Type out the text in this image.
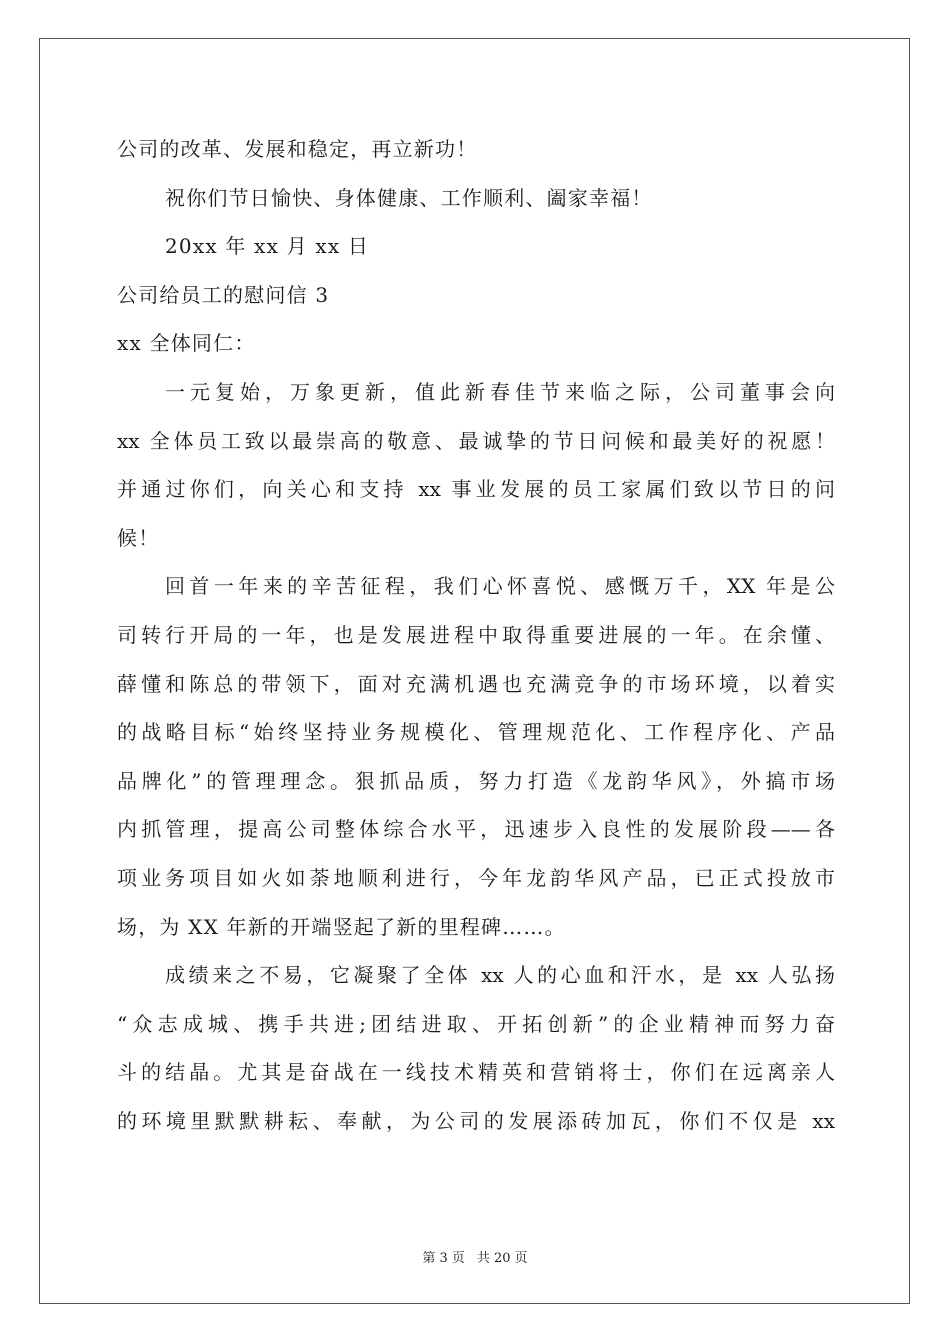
公司的改革、发展和稳定，再立新功！
祝你们节日愉快、身体健康、工作顺利、阖家幸福！
20xx 年 xx 月 xx 日
公司给员工的慰问信 3
xx 全体同仁：
一元复始，万象更新，值此新春佳节来临之际，公司董事会向
xx 全体员工致以最崇高的敬意、最诚挚的节日问候和最美好的祝愿！
并通过你们，向关心和支持 xx 事业发展的员工家属们致以节日的问
候！
回首一年来的辛苦征程，我们心怀喜悦、感慨万千，XX 年是公
司转行开局的一年，也是发展进程中取得重要进展的一年。在余懂、
薛懂和陈总的带领下，面对充满机遇也充满竞争的市场环境，以着实
的战略目标“始终坚持业务规模化、管理规范化、工作程序化、产品
品牌化”的管理理念。狠抓品质，努力打造《龙韵华风》，外搞市场
内抓管理，提高公司整体综合水平，迅速步入良性的发展阶段——各
项业务项目如火如荼地顺利进行，今年龙韵华风产品，已正式投放市
场，为 XX 年新的开端竖起了新的里程碑……。
成绩来之不易，它凝聚了全体 xx 人的心血和汗水，是 xx 人弘扬
“众志成城、携手共进;团结进取、开拓创新”的企业精神而努力奋
斗的结晶。尤其是奋战在一线技术精英和营销将士，你们在远离亲人
的环境里默默耕耘、奉献，为公司的发展添砖加瓦，你们不仅是 xx
第 3 页 共 20 页
